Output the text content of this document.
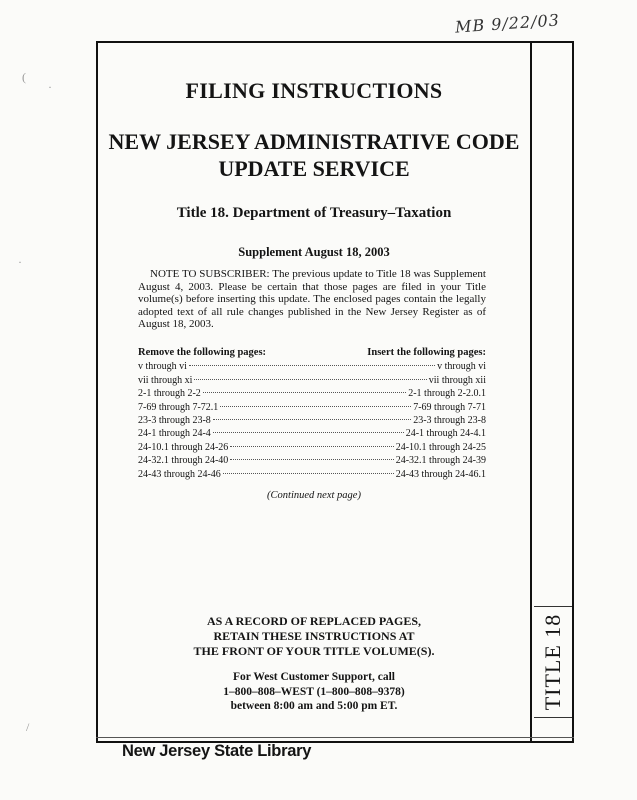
MB 9/22/03
(
·
·
/
TITLE 18
FILING INSTRUCTIONS
NEW JERSEY ADMINISTRATIVE CODE
UPDATE SERVICE
Title 18. Department of Treasury–Taxation
Supplement August 18, 2003
NOTE TO SUBSCRIBER: The previous update to Title 18 was Supplement August 4, 2003. Please be certain that those pages are filed in your Title volume(s) before inserting this update. The enclosed pages contain the legally adopted text of all rule changes published in the New Jersey Register as of August 18, 2003.
Remove the following pages:	Insert the following pages:
v through vi	v through vi
vii through xi	vii through xii
2-1 through 2-2	2-1 through 2-2.0.1
7-69 through 7-72.1	7-69 through 7-71
23-3 through 23-8	23-3 through 23-8
24-1 through 24-4	24-1 through 24-4.1
24-10.1 through 24-26	24-10.1 through 24-25
24-32.1 through 24-40	24-32.1 through 24-39
24-43 through 24-46	24-43 through 24-46.1
(Continued next page)
AS A RECORD OF REPLACED PAGES,
RETAIN THESE INSTRUCTIONS AT
THE FRONT OF YOUR TITLE VOLUME(S).
For West Customer Support, call
1–800–808–WEST (1–800–808–9378)
between 8:00 am and 5:00 pm ET.
New Jersey State Library
